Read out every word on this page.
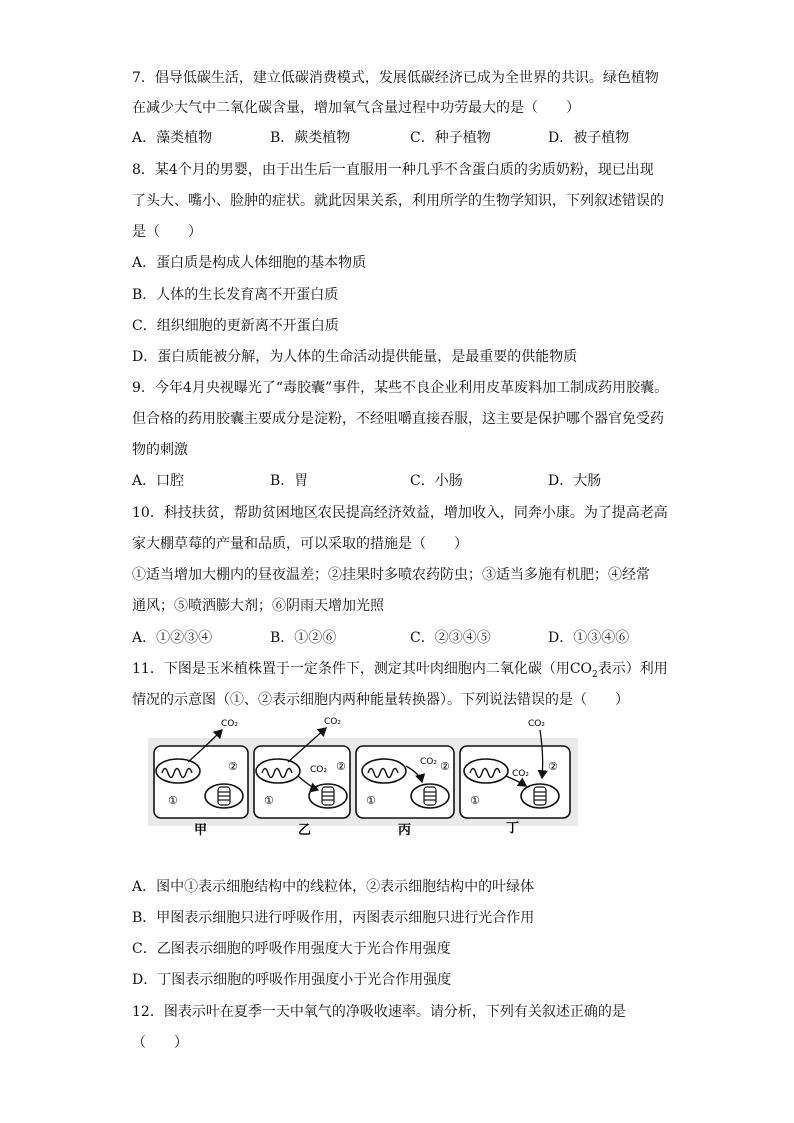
7．倡导低碳生活，建立低碳消费模式，发展低碳经济已成为全世界的共识。绿色植物
在减少大气中二氧化碳含量，增加氧气含量过程中功劳最大的是（　　）
A．藻类植物	B．蕨类植物	C．种子植物	D．被子植物
8．某4个月的男婴，由于出生后一直服用一种几乎不含蛋白质的劣质奶粉，现已出现
了头大、嘴小、脸肿的症状。就此因果关系，利用所学的生物学知识，下列叙述错误的
是（　　）
A．蛋白质是构成人体细胞的基本物质
B．人体的生长发育离不开蛋白质
C．组织细胞的更新离不开蛋白质
D．蛋白质能被分解，为人体的生命活动提供能量，是最重要的供能物质
9．今年4月央视曝光了“毒胶囊”事件，某些不良企业利用皮革废料加工制成药用胶囊。
但合格的药用胶囊主要成分是淀粉，不经咀嚼直接吞服，这主要是保护哪个器官免受药
物的刺激
A．口腔	B．胃	C．小肠	D．大肠
10．科技扶贫，帮助贫困地区农民提高经济效益，增加收入，同奔小康。为了提高老高
家大棚草莓的产量和品质，可以采取的措施是（　　）
①适当增加大棚内的昼夜温差；②挂果时多喷农药防虫；③适当多施有机肥；④经常
通风；⑤喷洒膨大剂；⑥阴雨天增加光照
A．①②③④	B．①②⑥	C．②③④⑤	D．①③④⑥
11．下图是玉米植株置于一定条件下，测定其叶肉细胞内二氧化碳（用$CO_2$表示）利用
情况的示意图（①、②表示细胞内两种能量转换器）。下列说法错误的是（　　）
CO₂
①
②
CO₂
CO₂
①
②	CO₂
①
②
CO₂
CO₂
①
②
甲	乙	丙	丁
A．图中①表示细胞结构中的线粒体，②表示细胞结构中的叶绿体
B．甲图表示细胞只进行呼吸作用，丙图表示细胞只进行光合作用
C．乙图表示细胞的呼吸作用强度大于光合作用强度
D．丁图表示细胞的呼吸作用强度小于光合作用强度
12．图表示叶在夏季一天中氧气的净吸收速率。请分析，下列有关叙述正确的是
（　　）
